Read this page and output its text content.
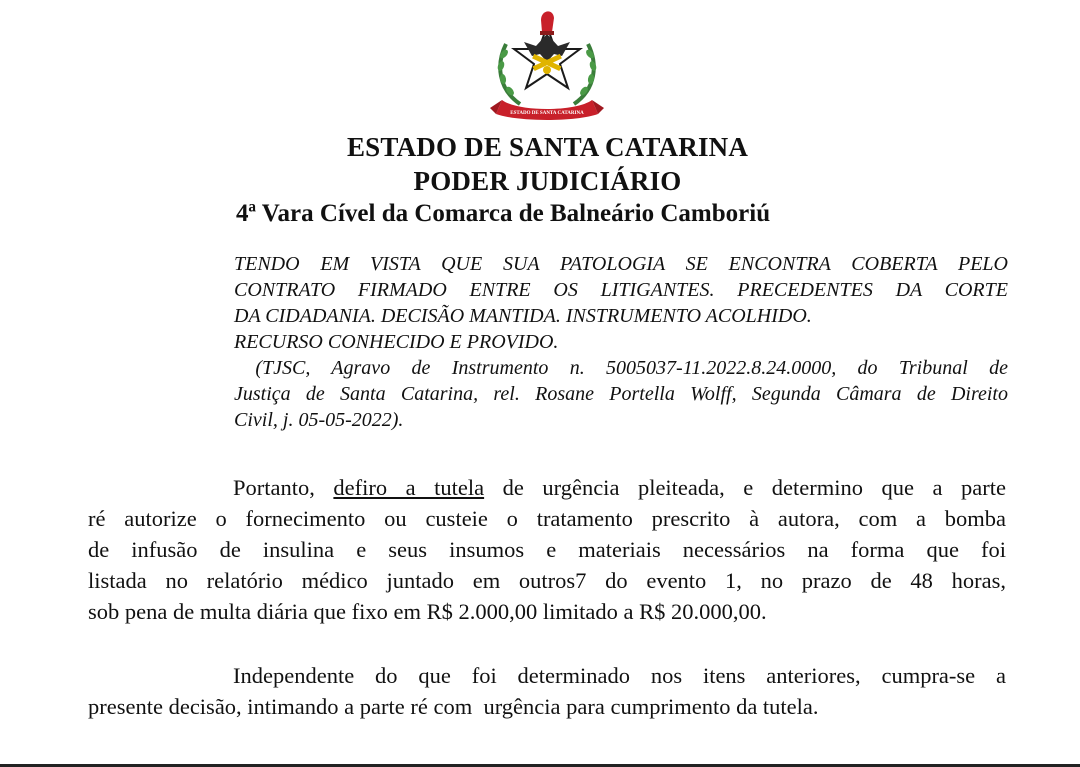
ESTADO DE SANTA CATARINA
ESTADO DE SANTA CATARINA
PODER JUDICIÁRIO
4ª Vara Cível da Comarca de Balneário Camboriú
TENDO EM VISTA QUE SUA PATOLOGIA SE ENCONTRA COBERTA PELO
CONTRATO FIRMADO ENTRE OS LITIGANTES. PRECEDENTES DA CORTE
DA CIDADANIA. DECISÃO MANTIDA. INSTRUMENTO ACOLHIDO.
RECURSO CONHECIDO E PROVIDO.
(TJSC, Agravo de Instrumento n. 5005037-11.2022.8.24.0000, do Tribunal de
Justiça de Santa Catarina, rel. Rosane Portella Wolff, Segunda Câmara de Direito
Civil, j. 05-05-2022).
Portanto, defiro a tutela de urgência pleiteada, e determino que a parte
ré autorize o fornecimento ou custeie o tratamento prescrito à autora, com a bomba
de infusão de insulina e seus insumos e materiais necessários na forma que foi
listada no relatório médico juntado em outros7 do evento 1, no prazo de 48 horas,
sob pena de multa diária que fixo em R$ 2.000,00 limitado a R$ 20.000,00.
Independente do que foi determinado nos itens anteriores, cumpra-se a
presente decisão, intimando a parte ré com  urgência para cumprimento da tutela.
